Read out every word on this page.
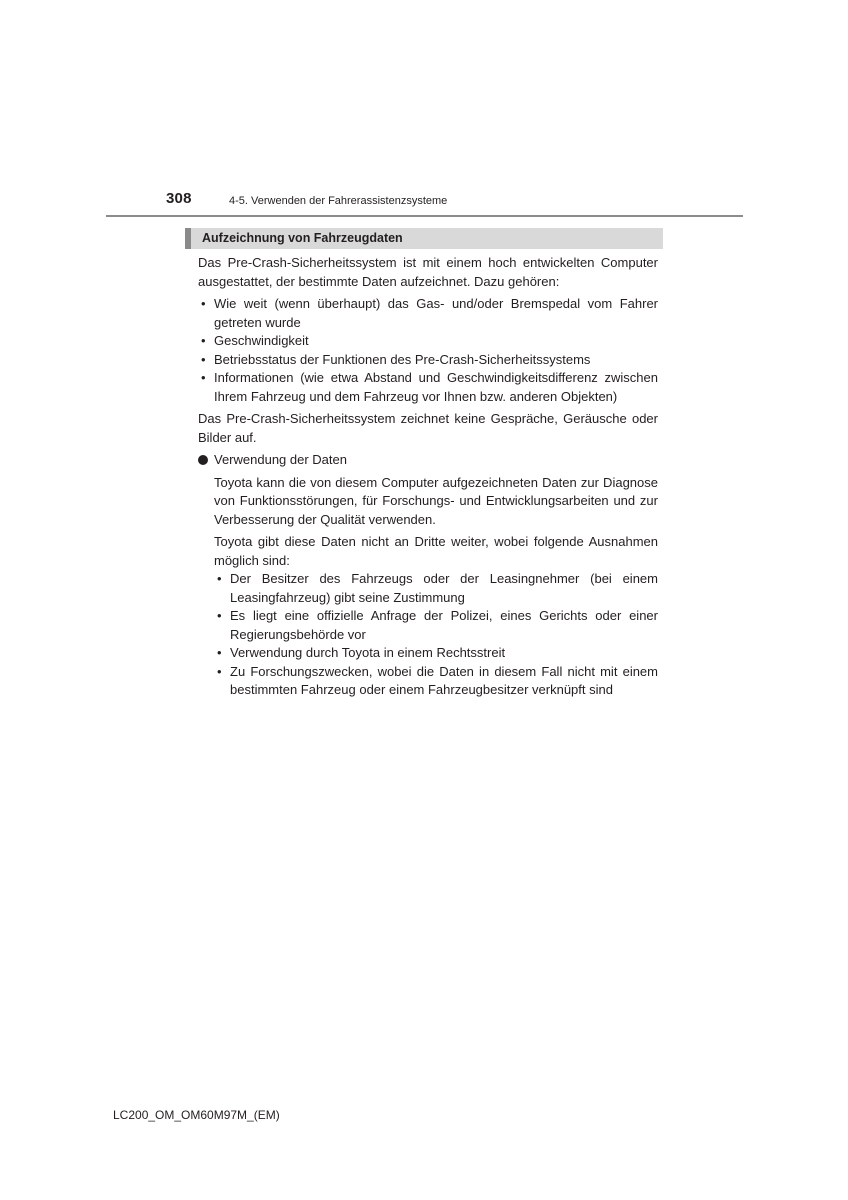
308	4-5. Verwenden der Fahrerassistenzsysteme
Aufzeichnung von Fahrzeugdaten

Das Pre-Crash-Sicherheitssystem ist mit einem hoch entwickelten Computer ausgestattet, der bestimmte Daten aufzeichnet. Dazu gehören:

• Wie weit (wenn überhaupt) das Gas- und/oder Bremspedal vom Fahrer getreten wurde
• Geschwindigkeit
• Betriebsstatus der Funktionen des Pre-Crash-Sicherheitssystems
• Informationen (wie etwa Abstand und Geschwindigkeitsdifferenz zwischen Ihrem Fahrzeug und dem Fahrzeug vor Ihnen bzw. anderen Objekten)

Das Pre-Crash-Sicherheitssystem zeichnet keine Gespräche, Geräusche oder Bilder auf.

Verwendung der Daten

Toyota kann die von diesem Computer aufgezeichneten Daten zur Diagnose von Funktionsstörungen, für Forschungs- und Entwicklungsarbeiten und zur Verbesserung der Qualität verwenden.

Toyota gibt diese Daten nicht an Dritte weiter, wobei folgende Ausnahmen möglich sind:

• Der Besitzer des Fahrzeugs oder der Leasingnehmer (bei einem Leasingfahrzeug) gibt seine Zustimmung
• Es liegt eine offizielle Anfrage der Polizei, eines Gerichts oder einer Regierungsbehörde vor
• Verwendung durch Toyota in einem Rechtsstreit
• Zu Forschungszwecken, wobei die Daten in diesem Fall nicht mit einem bestimmten Fahrzeug oder einem Fahrzeugbesitzer verknüpft sind
LC200_OM_OM60M97M_(EM)
